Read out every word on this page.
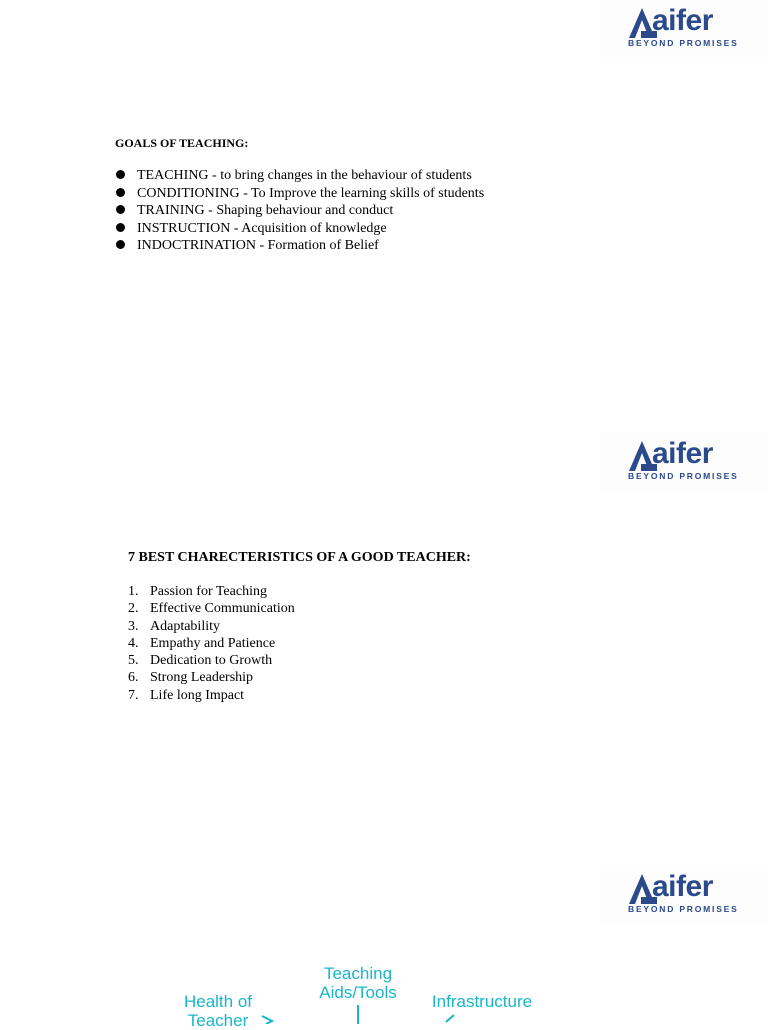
aifer
BEYOND PROMISES
GOALS OF TEACHING:
TEACHING - to bring changes in the behaviour of students
CONDITIONING - To Improve the learning skills of students
TRAINING - Shaping behaviour and conduct
INSTRUCTION - Acquisition of knowledge
INDOCTRINATION - Formation of Belief
aifer
BEYOND PROMISES
7 BEST CHARECTERISTICS OF A GOOD TEACHER:
1. Passion for Teaching
2. Effective Communication
3. Adaptability
4. Empathy and Patience
5. Dedication to Growth
6. Strong Leadership
7. Life long Impact
aifer
BEYOND PROMISES
Teaching
Aids/Tools
Health of
Teacher
Infrastructure
